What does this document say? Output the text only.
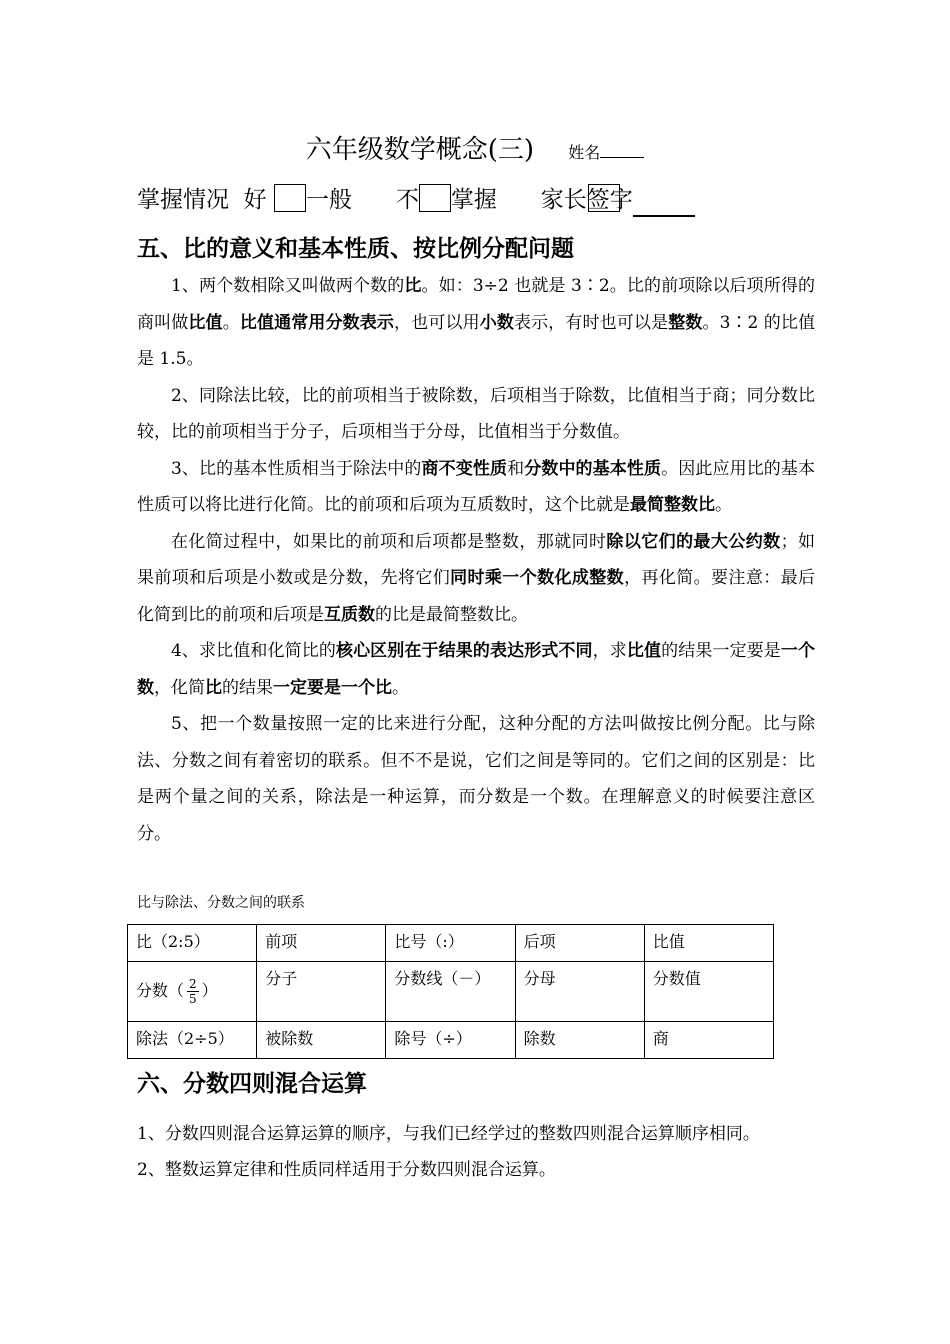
六年级数学概念(三) 姓名
掌握情况 好 一般 不 掌握 家长签字
五、比的意义和基本性质、按比例分配问题

1、两个数相除又叫做两个数的比。如：3÷2 也就是 3∶2。比的前项除以后项所得的商叫做比值。比值通常用分数表示，也可以用小数表示，有时也可以是整数。3∶2 的比值是 1.5。

2、同除法比较，比的前项相当于被除数，后项相当于除数，比值相当于商；同分数比较，比的前项相当于分子，后项相当于分母，比值相当于分数值。

3、比的基本性质相当于除法中的商不变性质和分数中的基本性质。因此应用比的基本性质可以将比进行化简。比的前项和后项为互质数时，这个比就是最简整数比。

在化简过程中，如果比的前项和后项都是整数，那就同时除以它们的最大公约数；如果前项和后项是小数或是分数，先将它们同时乘一个数化成整数，再化简。要注意：最后化简到比的前项和后项是互质数的比是最简整数比。

4、求比值和化简比的核心区别在于结果的表达形式不同，求比值的结果一定要是一个数，化简比的结果一定要是一个比。

5、把一个数量按照一定的比来进行分配，这种分配的方法叫做按比例分配。比与除法、分数之间有着密切的联系。但不不是说，它们之间是等同的。它们之间的区别是：比是两个量之间的关系，除法是一种运算，而分数是一个数。在理解意义的时候要注意区分。

比与除法、分数之间的联系
比（2:5）	前项	比号（:）	后项	比值
分数（ $\frac{2}{5}$ ）	分子	分数线（－）	分母	分数值
除法（2÷5）	被除数	除号（÷）	除数	商
六、分数四则混合运算
1、分数四则混合运算运算的顺序，与我们已经学过的整数四则混合运算顺序相同。
2、整数运算定律和性质同样适用于分数四则混合运算。
